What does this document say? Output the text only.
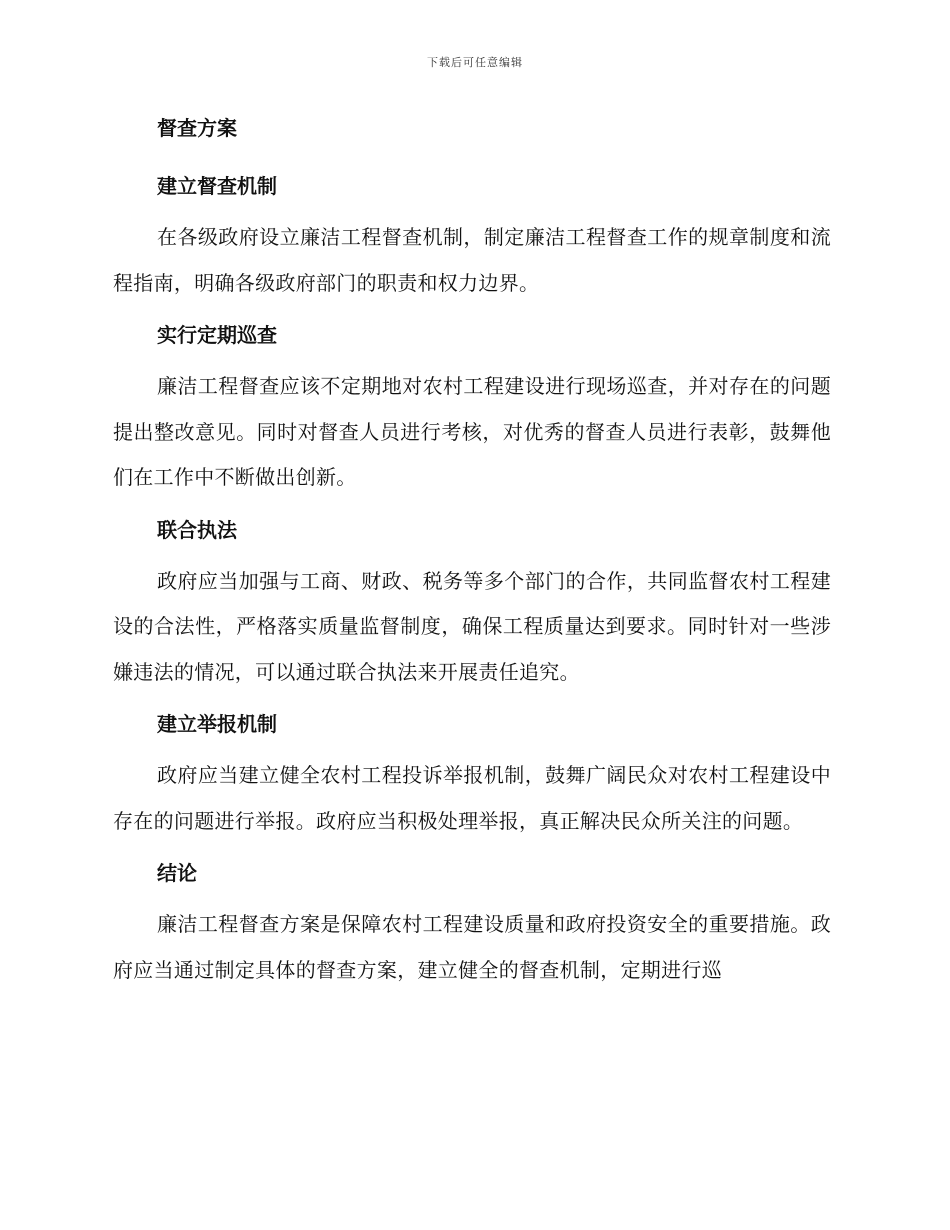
下载后可任意编辑
督查方案
建立督查机制

在各级政府设立廉洁工程督查机制，制定廉洁工程督查工作的规章制度和流程指南，明确各级政府部门的职责和权力边界。

实行定期巡查

廉洁工程督查应该不定期地对农村工程建设进行现场巡查，并对存在的问题提出整改意见。同时对督查人员进行考核，对优秀的督查人员进行表彰，鼓舞他们在工作中不断做出创新。

联合执法

政府应当加强与工商、财政、税务等多个部门的合作，共同监督农村工程建设的合法性，严格落实质量监督制度，确保工程质量达到要求。同时针对一些涉嫌违法的情况，可以通过联合执法来开展责任追究。

建立举报机制

政府应当建立健全农村工程投诉举报机制，鼓舞广阔民众对农村工程建设中存在的问题进行举报。政府应当积极处理举报，真正解决民众所关注的问题。

结论

廉洁工程督查方案是保障农村工程建设质量和政府投资安全的重要措施。政府应当通过制定具体的督查方案，建立健全的督查机制，定期进行巡
